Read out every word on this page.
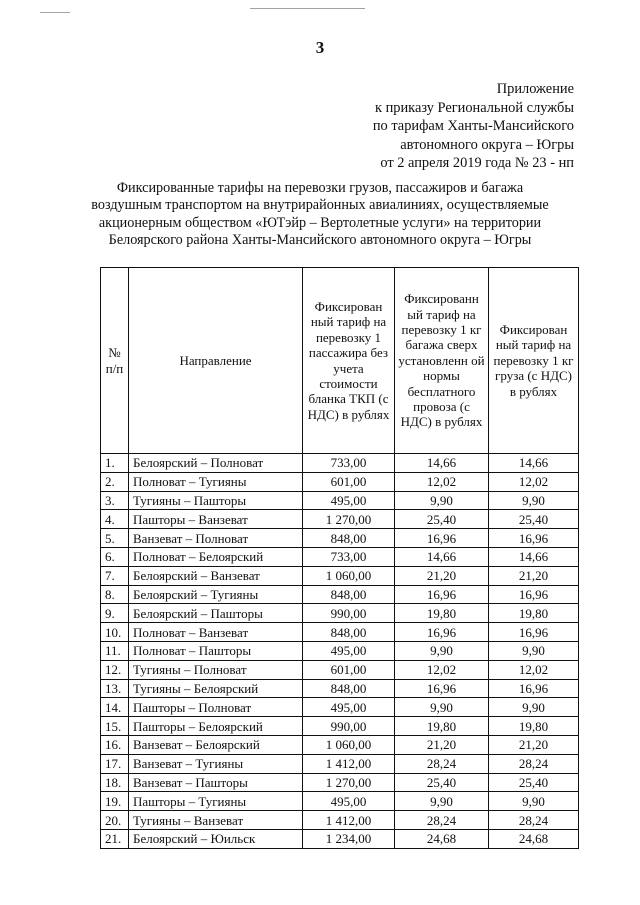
3
Приложение
к приказу Региональной службы
по тарифам Ханты-Мансийского
автономного округа – Югры
от 2 апреля 2019 года № 23 - нп
Фиксированные тарифы на перевозки грузов, пассажиров и багажа
воздушным транспортом на внутрирайонных авиалиниях, осуществляемые
акционерным обществом «ЮТэйр – Вертолетные услуги» на территории
Белоярского района Ханты-Мансийского автономного округа – Югры
№ п/п	Направление	Фиксирован ный тариф на перевозку 1 пассажира без учета стоимости бланка ТКП (с НДС) в рублях	Фиксированн ый тариф на перевозку 1 кг багажа сверх установленн ой нормы бесплатного провоза (с НДС) в рублях	Фиксирован ный тариф на перевозку 1 кг груза (с НДС) в рублях
1.	Белоярский – Полноват	733,00	14,66	14,66
2.	Полноват – Тугияны	601,00	12,02	12,02
3.	Тугияны – Пашторы	495,00	9,90	9,90
4.	Пашторы – Ванзеват	1 270,00	25,40	25,40
5.	Ванзеват – Полноват	848,00	16,96	16,96
6.	Полноват – Белоярский	733,00	14,66	14,66
7.	Белоярский – Ванзеват	1 060,00	21,20	21,20
8.	Белоярский – Тугияны	848,00	16,96	16,96
9.	Белоярский – Пашторы	990,00	19,80	19,80
10.	Полноват – Ванзеват	848,00	16,96	16,96
11.	Полноват – Пашторы	495,00	9,90	9,90
12.	Тугияны – Полноват	601,00	12,02	12,02
13.	Тугияны – Белоярский	848,00	16,96	16,96
14.	Пашторы – Полноват	495,00	9,90	9,90
15.	Пашторы – Белоярский	990,00	19,80	19,80
16.	Ванзеват – Белоярский	1 060,00	21,20	21,20
17.	Ванзеват – Тугияны	1 412,00	28,24	28,24
18.	Ванзеват – Пашторы	1 270,00	25,40	25,40
19.	Пашторы – Тугияны	495,00	9,90	9,90
20.	Тугияны – Ванзеват	1 412,00	28,24	28,24
21.	Белоярский – Юильск	1 234,00	24,68	24,68
